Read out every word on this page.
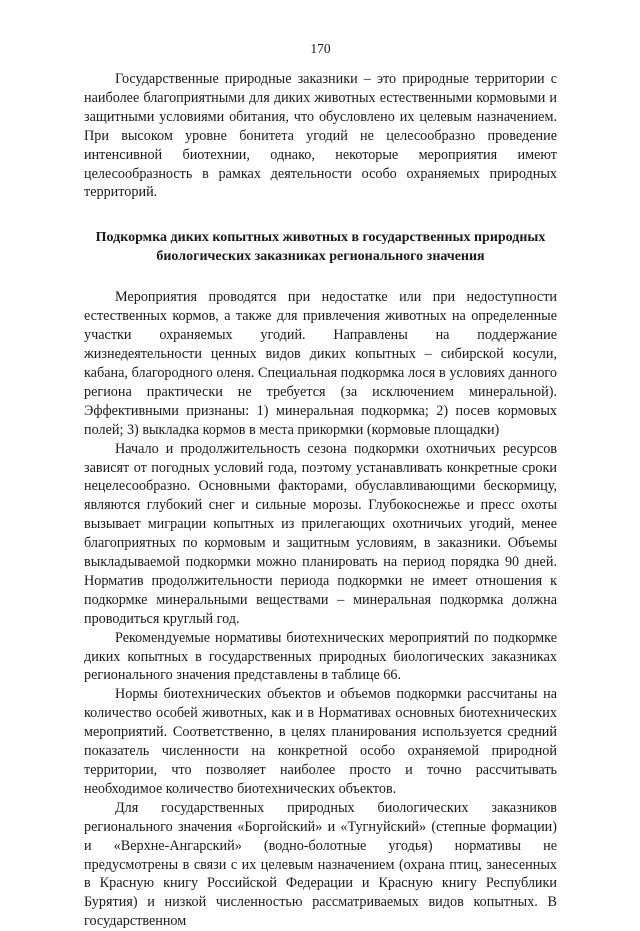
170

Государственные природные заказники – это природные территории с наиболее благоприятными для диких животных естественными кормовыми и защитными условиями обитания, что обусловлено их целевым назначением. При высоком уровне бонитета угодий не целесообразно проведение интенсивной биотехнии, однако, некоторые мероприятия имеют целесообразность в рамках деятельности особо охраняемых природных территорий.

Подкормка диких копытных животных в государственных природных
биологических заказниках регионального значения

Мероприятия проводятся при недостатке или при недоступности естественных кормов, а также для привлечения животных на определенные участки охраняемых угодий. Направлены на поддержание жизнедеятельности ценных видов диких копытных – сибирской косули, кабана, благородного оленя. Специальная подкормка лося в условиях данного региона практически не требуется (за исключением минеральной). Эффективными признаны: 1) минеральная подкормка; 2) посев кормовых полей; 3) выкладка кормов в места прикормки (кормовые площадки)

Начало и продолжительность сезона подкормки охотничьих ресурсов зависят от погодных условий года, поэтому устанавливать конкретные сроки нецелесообразно. Основными факторами, обуславливающими бескормицу, являются глубокий снег и сильные морозы. Глубокоснежье и пресс охоты вызывает миграции копытных из прилегающих охотничьих угодий, менее благоприятных по кормовым и защитным условиям, в заказники. Объемы выкладываемой подкормки можно планировать на период порядка 90 дней. Норматив продолжительности периода подкормки не имеет отношения к подкормке минеральными веществами – минеральная подкормка должна проводиться круглый год.

Рекомендуемые нормативы биотехнических мероприятий по подкормке диких копытных в государственных природных биологических заказниках регионального значения представлены в таблице 66.

Нормы биотехнических объектов и объемов подкормки рассчитаны на количество особей животных, как и в Нормативах основных биотехнических мероприятий. Соответственно, в целях планирования используется средний показатель численности на конкретной особо охраняемой природной территории, что позволяет наиболее просто и точно рассчитывать необходимое количество биотехнических объектов.

Для государственных природных биологических заказников регионального значения «Боргойский» и «Тугнуйский» (степные формации) и «Верхне-Ангарский» (водно-болотные угодья) нормативы не предусмотрены в связи с их целевым назначением (охрана птиц, занесенных в Красную книгу Российской Федерации и Красную книгу Республики Бурятия) и низкой численностью рассматриваемых видов копытных. В государственном
